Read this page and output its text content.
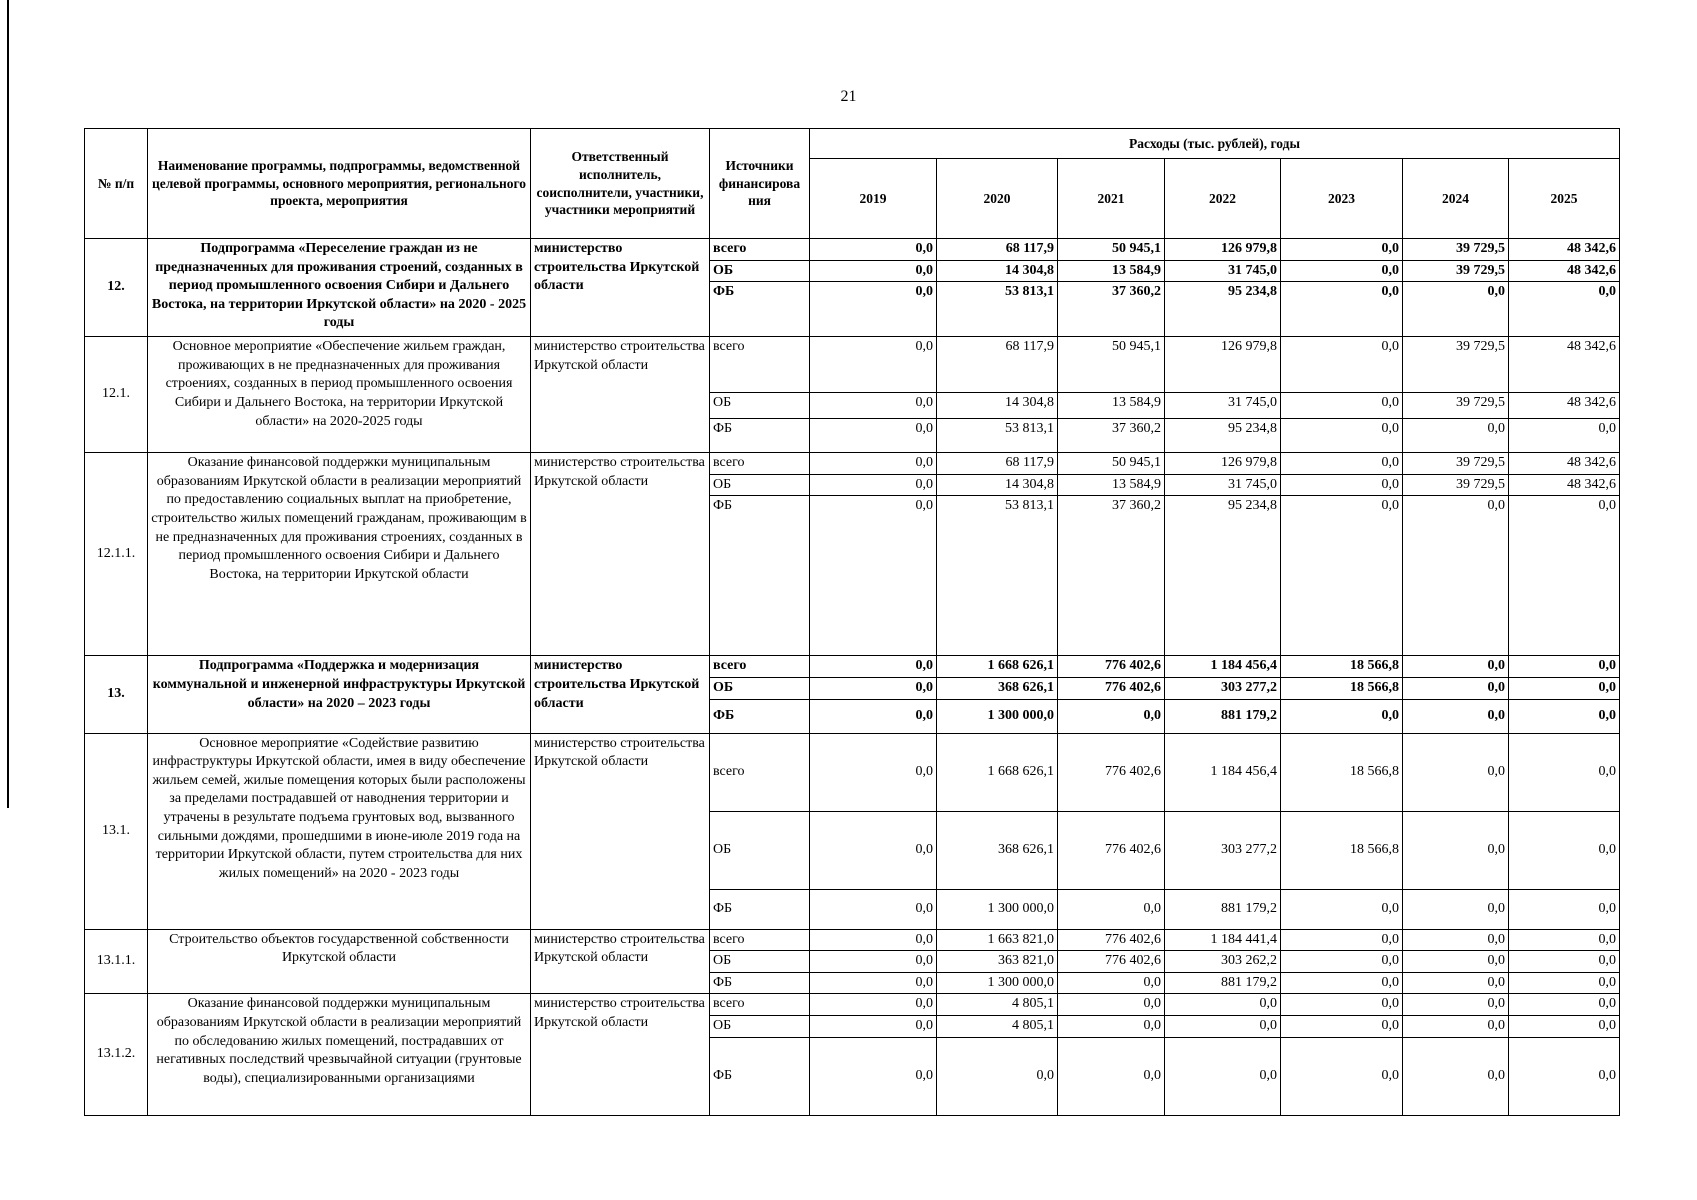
21
№ п/п	Наименование программы, подпрограммы, ведомственной целевой программы, основного мероприятия, регионального проекта, мероприятия	Ответственный исполнитель, соисполнители, участники, участники мероприятий	Источники финансирова ния	Расходы (тыс. рублей), годы						
				2019	2020	2021	2022	2023	2024	2025
12.	Подпрограмма «Переселение граждан из не предназначенных для проживания строений, созданных в период промышленного освоения Сибири и Дальнего Востока, на территории Иркутской области» на 2020 - 2025 годы	министерство строительства Иркутской области	всего	0,0	68 117,9	50 945,1	126 979,8	0,0	39 729,5	48 342,6
			ОБ	0,0	14 304,8	13 584,9	31 745,0	0,0	39 729,5	48 342,6
			ФБ	0,0	53 813,1	37 360,2	95 234,8	0,0	0,0	0,0
12.1.	Основное мероприятие «Обеспечение жильем граждан, проживающих в не предназначенных для проживания строениях, созданных в период промышленного освоения Сибири и Дальнего Востока, на территории Иркутской области» на 2020-2025 годы	министерство строительства Иркутской области	всего	0,0	68 117,9	50 945,1	126 979,8	0,0	39 729,5	48 342,6
			ОБ	0,0	14 304,8	13 584,9	31 745,0	0,0	39 729,5	48 342,6
			ФБ	0,0	53 813,1	37 360,2	95 234,8	0,0	0,0	0,0
12.1.1.	Оказание финансовой поддержки муниципальным образованиям Иркутской области в реализации мероприятий по предоставлению социальных выплат на приобретение, строительство жилых помещений гражданам, проживающим в не предназначенных для проживания строениях, созданных в период промышленного освоения Сибири и Дальнего Востока, на территории Иркутской области	министерство строительства Иркутской области	всего	0,0	68 117,9	50 945,1	126 979,8	0,0	39 729,5	48 342,6
			ОБ	0,0	14 304,8	13 584,9	31 745,0	0,0	39 729,5	48 342,6
			ФБ	0,0	53 813,1	37 360,2	95 234,8	0,0	0,0	0,0
13.	Подпрограмма «Поддержка и модернизация коммунальной и инженерной инфраструктуры Иркутской области» на 2020 – 2023 годы	министерство строительства Иркутской области	всего	0,0	1 668 626,1	776 402,6	1 184 456,4	18 566,8	0,0	0,0
			ОБ	0,0	368 626,1	776 402,6	303 277,2	18 566,8	0,0	0,0
			ФБ	0,0	1 300 000,0	0,0	881 179,2	0,0	0,0	0,0
13.1.	Основное мероприятие «Содействие развитию инфраструктуры Иркутской области, имея в виду обеспечение жильем семей, жилые помещения которых были расположены за пределами пострадавшей от наводнения территории и утрачены в результате подъема грунтовых вод, вызванного сильными дождями, прошедшими в июне-июле 2019 года на территории Иркутской области, путем строительства для них жилых помещений» на 2020 - 2023 годы	министерство строительства Иркутской области	всего	0,0	1 668 626,1	776 402,6	1 184 456,4	18 566,8	0,0	0,0
			ОБ	0,0	368 626,1	776 402,6	303 277,2	18 566,8	0,0	0,0
			ФБ	0,0	1 300 000,0	0,0	881 179,2	0,0	0,0	0,0
13.1.1.	Строительство объектов государственной собственности Иркутской области	министерство строительства Иркутской области	всего	0,0	1 663 821,0	776 402,6	1 184 441,4	0,0	0,0	0,0
			ОБ	0,0	363 821,0	776 402,6	303 262,2	0,0	0,0	0,0
			ФБ	0,0	1 300 000,0	0,0	881 179,2	0,0	0,0	0,0
13.1.2.	Оказание финансовой поддержки муниципальным образованиям Иркутской области в реализации мероприятий по обследованию жилых помещений, пострадавших от негативных последствий чрезвычайной ситуации (грунтовые воды), специализированными организациями	министерство строительства Иркутской области	всего	0,0	4 805,1	0,0	0,0	0,0	0,0	0,0
			ОБ	0,0	4 805,1	0,0	0,0	0,0	0,0	0,0
			ФБ	0,0	0,0	0,0	0,0	0,0	0,0	0,0
